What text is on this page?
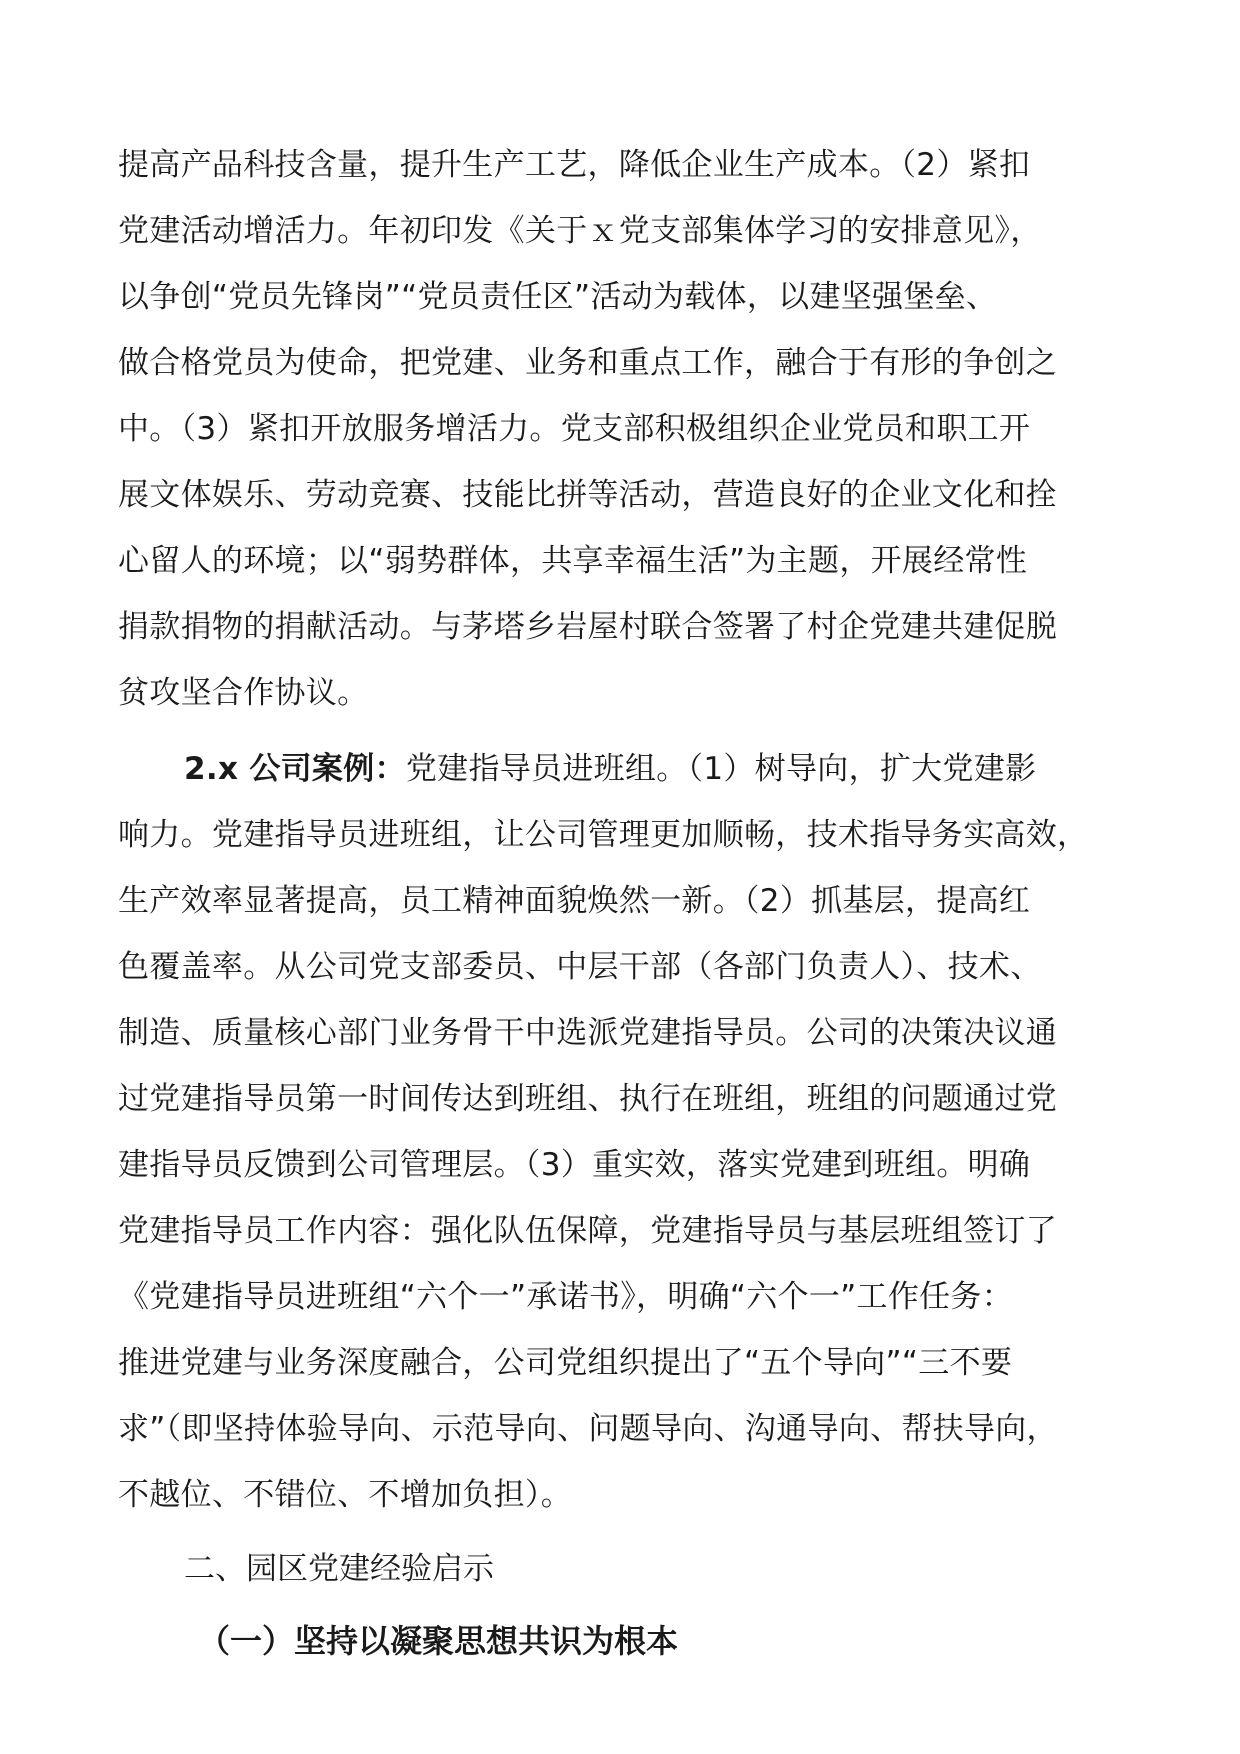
提高产品科技含量，提升生产工艺，降低企业生产成本。（2）紧扣
党建活动增活力。年初印发《关于ｘ党支部集体学习的安排意见》，
以争创“党员先锋岗”“党员责任区”活动为载体，以建坚强堡垒、
做合格党员为使命，把党建、业务和重点工作，融合于有形的争创之
中。（3）紧扣开放服务增活力。党支部积极组织企业党员和职工开
展文体娱乐、劳动竞赛、技能比拼等活动，营造良好的企业文化和拴
心留人的环境；以“弱势群体，共享幸福生活”为主题，开展经常性
捐款捐物的捐献活动。与茅塔乡岩屋村联合签署了村企党建共建促脱
贫攻坚合作协议。
2.x 公司案例：党建指导员进班组。（1）树导向，扩大党建影
响力。党建指导员进班组，让公司管理更加顺畅，技术指导务实高效，
生产效率显著提高，员工精神面貌焕然一新。（2）抓基层，提高红
色覆盖率。从公司党支部委员、中层干部（各部门负责人）、技术、
制造、质量核心部门业务骨干中选派党建指导员。公司的决策决议通
过党建指导员第一时间传达到班组、执行在班组，班组的问题通过党
建指导员反馈到公司管理层。（3）重实效，落实党建到班组。明确
党建指导员工作内容：强化队伍保障，党建指导员与基层班组签订了
《党建指导员进班组“六个一”承诺书》，明确“六个一”工作任务：
推进党建与业务深度融合，公司党组织提出了“五个导向”“三不要
求”（即坚持体验导向、示范导向、问题导向、沟通导向、帮扶导向，
不越位、不错位、不增加负担）。
二、园区党建经验启示
（一）坚持以凝聚思想共识为根本
